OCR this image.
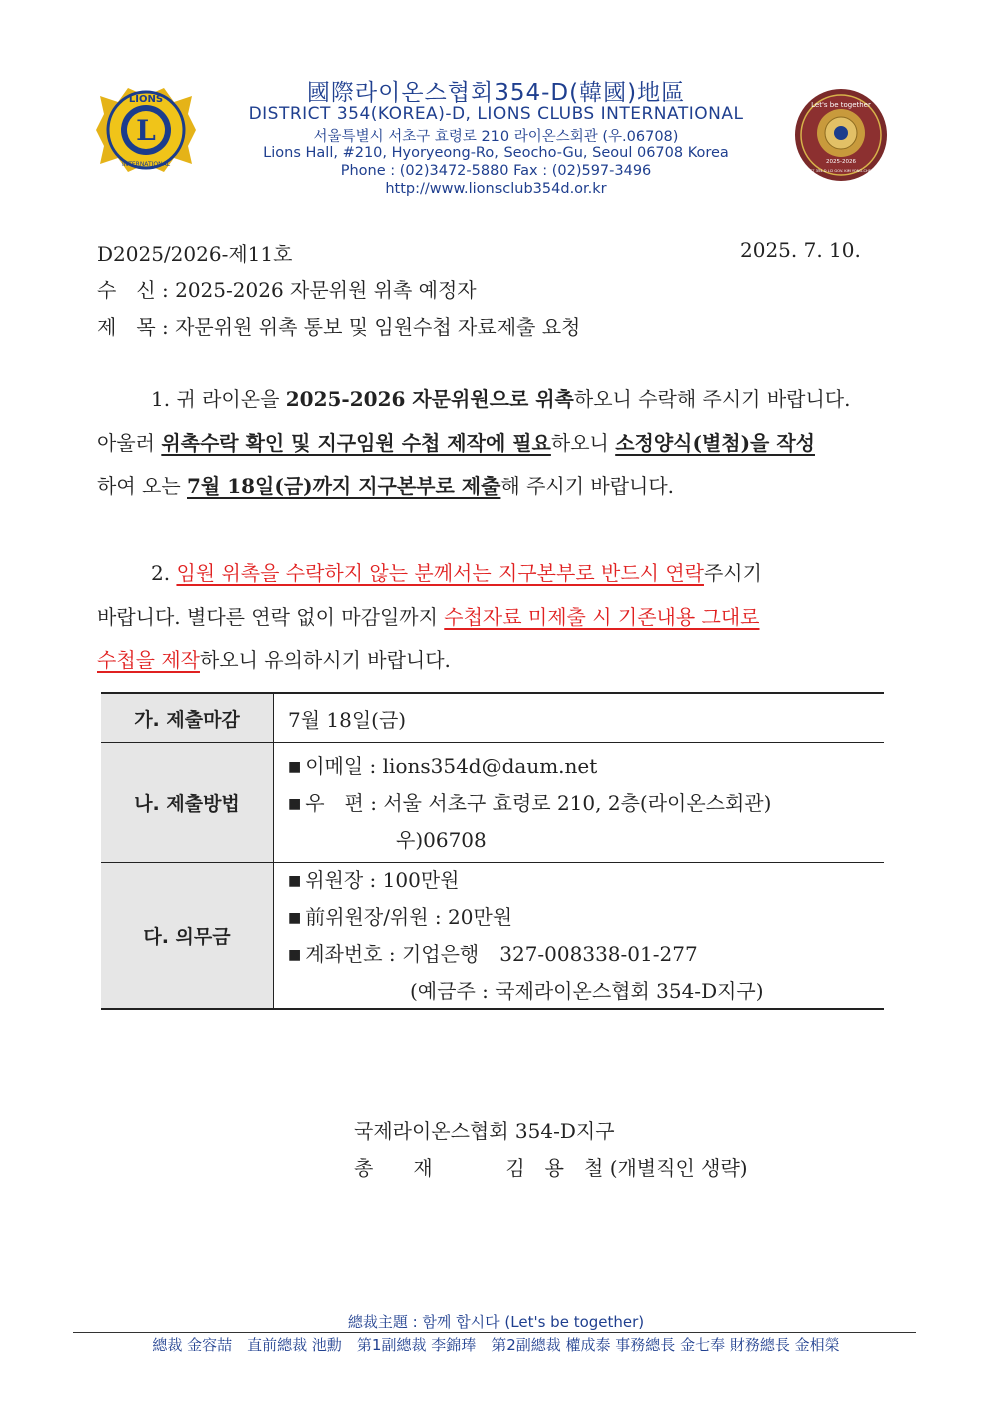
L
LIONS
INTERNATIONAL
Let's be together
2025-2026
DIST 354-D LCI GOV. KIM YONG-CHEOL
國際라이온스협회354-D(韓國)地區
DISTRICT 354(KOREA)-D, LIONS CLUBS INTERNATIONAL
서울특별시 서초구 효령로 210 라이온스회관 (우.06708)
Lions Hall, #210, Hyoryeong-Ro, Seocho-Gu, Seoul 06708 Korea
Phone : (02)3472-5880 Fax : (02)597-3496
http://www.lionsclub354d.or.kr
D2025/2026-제11호	2025. 7. 10.
수　신 : 2025-2026 자문위원 위촉 예정자
제　목 : 자문위원 위촉 통보 및 임원수첩 자료제출 요청
1. 귀 라이온을 2025-2026 자문위원으로 위촉하오니 수락해 주시기 바랍니다.
아울러 위촉수락 확인 및 지구임원 수첩 제작에 필요하오니 소정양식(별첨)을 작성
하여 오는 7월 18일(금)까지 지구본부로 제출해 주시기 바랍니다.
2. 임원 위촉을 수락하지 않는 분께서는 지구본부로 반드시 연락주시기
바랍니다. 별다른 연락 없이 마감일까지 수첩자료 미제출 시 기존내용 그대로
수첩을 제작하오니 유의하시기 바랍니다.
가. 제출마감	7월 18일(금)
나. 제출방법	■ 이메일 : lions354d@daum.net
■ 우　편 : 서울 서초구 효령로 210, 2층(라이온스회관)
우)06708

다. 의무금	■ 위원장 : 100만원
■ 前위원장/위원 : 20만원
■ 계좌번호 : 기업은행　327-008338-01-277
(예금주 : 국제라이온스협회 354-D지구)
국제라이온스협회 354-D지구
총　　재	김　용　철 (개별직인 생략)
總裁主題 : 함께 합시다 (Let's be together)
總裁 金容喆　直前總裁 池勳　第1副總裁 李錦琫　第2副總裁 權成泰 事務總長 金七奉 財務總長 金相榮
